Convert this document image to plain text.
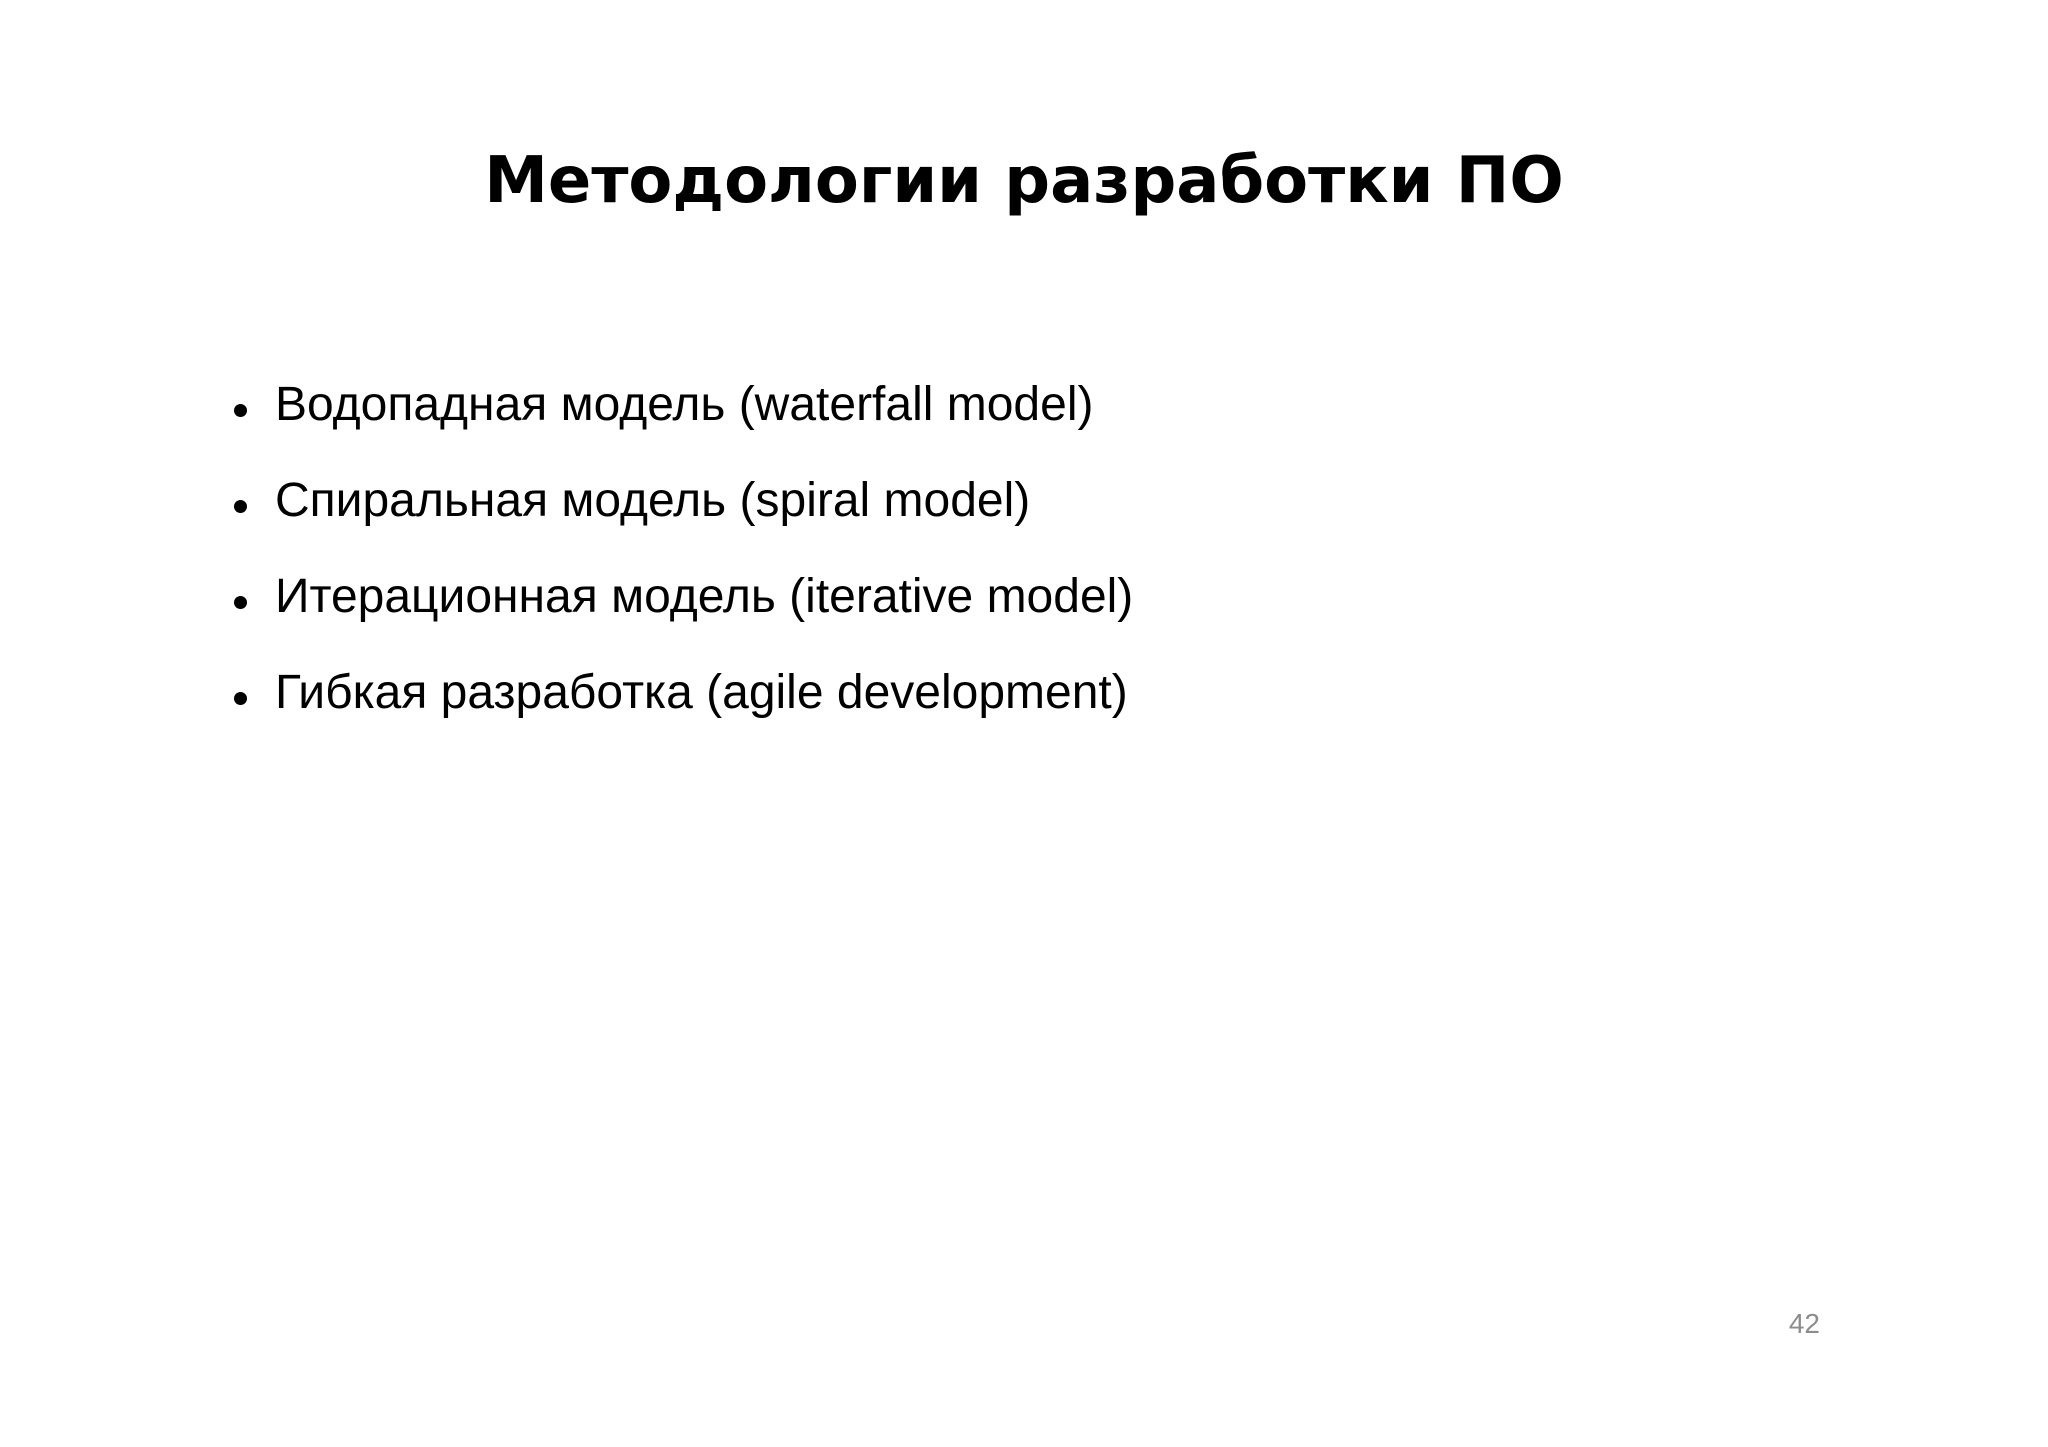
Методологии разработки ПО
Водопадная модель (waterfall model)
Спиральная модель (spiral model)
Итерационная модель (iterative model)
Гибкая разработка (agile development)
42
